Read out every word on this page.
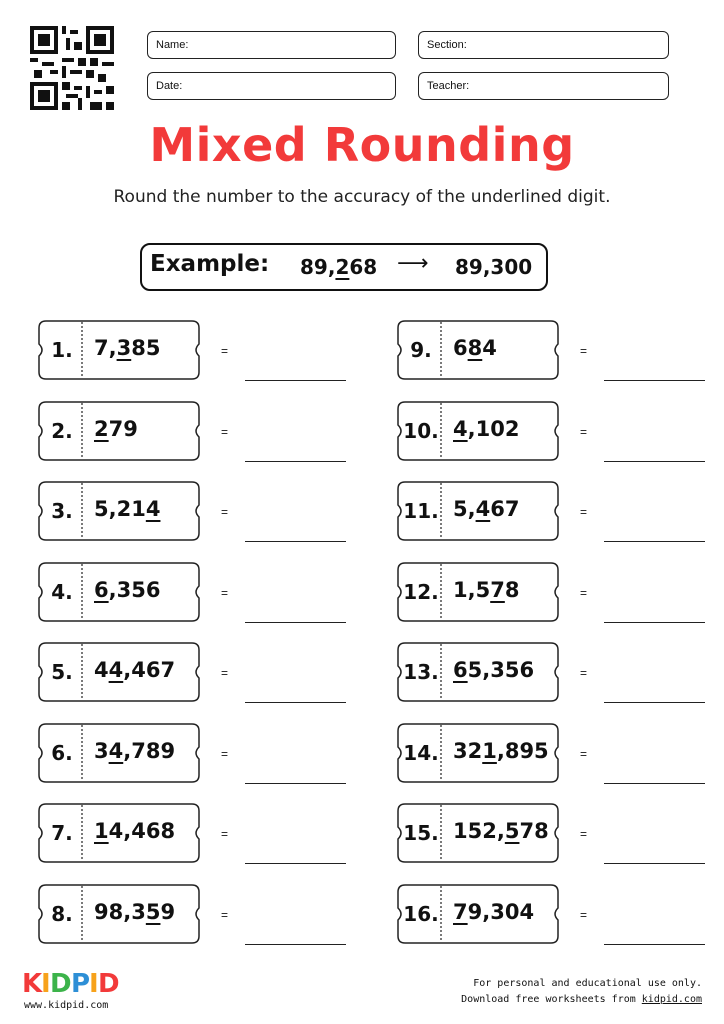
Name:	Section:
Date:	Teacher:
Mixed Rounding
Round the number to the accuracy of the underlined digit.
Example: 89,268 ⟶ 89,300
1.	7,385	=
2.	279	=
3.	5,214	=
4.	6,356	=
5.	44,467	=
6.	34,789	=
7.	14,468	=
8.	98,359	=
9.	684	=
10. 4,102	=
11. 5,467	=
12. 1,578	=
13. 65,356	=
14. 321,895	=
15. 152,578	=
16. 79,304	=
K
I D P
I D
www.kidpid.com
For personal and educational use only.
Download free worksheets from kidpid.com
